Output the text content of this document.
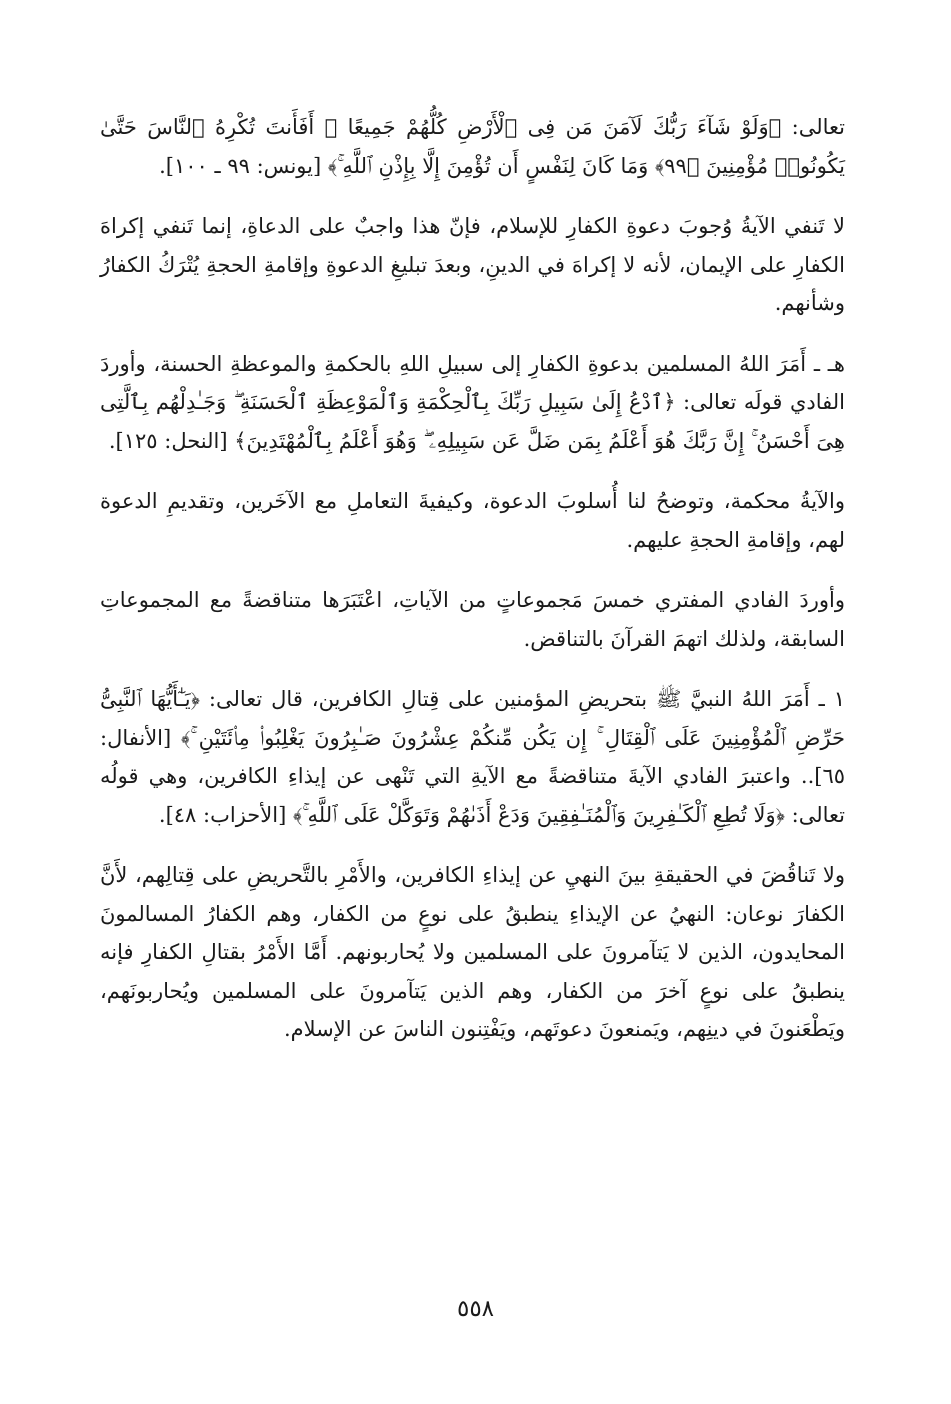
تعالى: ﴿وَلَوْ شَآءَ رَبُّكَ لَآمَنَ مَن فِى ٱلْأَرْضِ كُلُّهُمْ جَمِيعًا ۚ أَفَأَنتَ تُكْرِهُ ٱلنَّاسَ حَتَّىٰ يَكُونُوا۟ مُؤْمِنِينَ ﴿٩٩﴾ وَمَا كَانَ لِنَفْسٍ أَن تُؤْمِنَ إِلَّا بِإِذْنِ ٱللَّهِ ۚ﴾ [يونس: ٩٩ ـ ١٠٠].

لا تَنفي الآيةُ وُجوبَ دعوةِ الكفارِ للإسلام، فإنّ هذا واجبٌ على الدعاةِ، إنما تَنفي إكراهَ الكفارِ على الإيمان، لأنه لا إكراهَ في الدينِ، وبعدَ تبليغِ الدعوةِ وإقامةِ الحجةِ يُتْرَكُ الكفارُ وشأنهم.

هـ ـ أَمَرَ اللهُ المسلمين بدعوةِ الكفارِ إلى سبيلِ اللهِ بالحكمةِ والموعظةِ الحسنة، وأوردَ الفادي قولَه تعالى: ﴿ٱدْعُ إِلَىٰ سَبِيلِ رَبِّكَ بِٱلْحِكْمَةِ وَٱلْمَوْعِظَةِ ٱلْحَسَنَةِ ۖ وَجَـٰدِلْهُم بِٱلَّتِى هِىَ أَحْسَنُ ۚ إِنَّ رَبَّكَ هُوَ أَعْلَمُ بِمَن ضَلَّ عَن سَبِيلِهِۦ ۖ وَهُوَ أَعْلَمُ بِٱلْمُهْتَدِينَ﴾ [النحل: ١٢٥].

والآيةُ محكمة، وتوضحُ لنا أُسلوبَ الدعوة، وكيفيةَ التعاملِ مع الآخَرين، وتقديمِ الدعوة لهم، وإقامةِ الحجةِ عليهم.

وأوردَ الفادي المفتري خمسَ مَجموعاتٍ من الآياتِ، اعْتَبَرَها متناقضةً مع المجموعاتِ السابقة، ولذلك اتهمَ القرآنَ بالتناقض.

١ ـ أَمَرَ اللهُ النبيَّ ﷺ بتحريضِ المؤمنين على قِتالِ الكافرين، قال تعالى: ﴿يَـٰٓأَيُّهَا ٱلنَّبِىُّ حَرِّضِ ٱلْمُؤْمِنِينَ عَلَى ٱلْقِتَالِ ۚ إِن يَكُن مِّنكُمْ عِشْرُونَ صَـٰبِرُونَ يَغْلِبُوا۟ مِا۟ئَتَيْنِ ۚ﴾ [الأنفال: ٦٥].. واعتبرَ الفادي الآيةَ متناقضةً مع الآيةِ التي تَنْهى عن إيذاءِ الكافرين، وهي قولُه تعالى: ﴿وَلَا تُطِعِ ٱلْكَـٰفِرِينَ وَٱلْمُنَـٰفِقِينَ وَدَعْ أَذَىٰهُمْ وَتَوَكَّلْ عَلَى ٱللَّهِ ۚ﴾ [الأحزاب: ٤٨].

ولا تَناقُضَ في الحقيقةِ بينَ النهيِ عن إيذاءِ الكافرين، والأَمْرِ بالتَّحريضِ على قِتالِهم، لأَنَّ الكفارَ نوعان: النهيُ عن الإيذاءِ ينطبقُ على نوعٍ من الكفار، وهم الكفارُ المسالمونَ المحايدون، الذين لا يَتآمرونَ على المسلمين ولا يُحاربونهم. أَمَّا الأَمْرُ بقتالِ الكفارِ فإنه ينطبقُ على نوعٍ آخرَ من الكفار، وهم الذين يَتآمرونَ على المسلمين ويُحاربونَهم، ويَطْعَنونَ في دينِهم، ويَمنعونَ دعوتَهم، ويَفْتِنون الناسَ عن الإسلام.

٥٥٨
